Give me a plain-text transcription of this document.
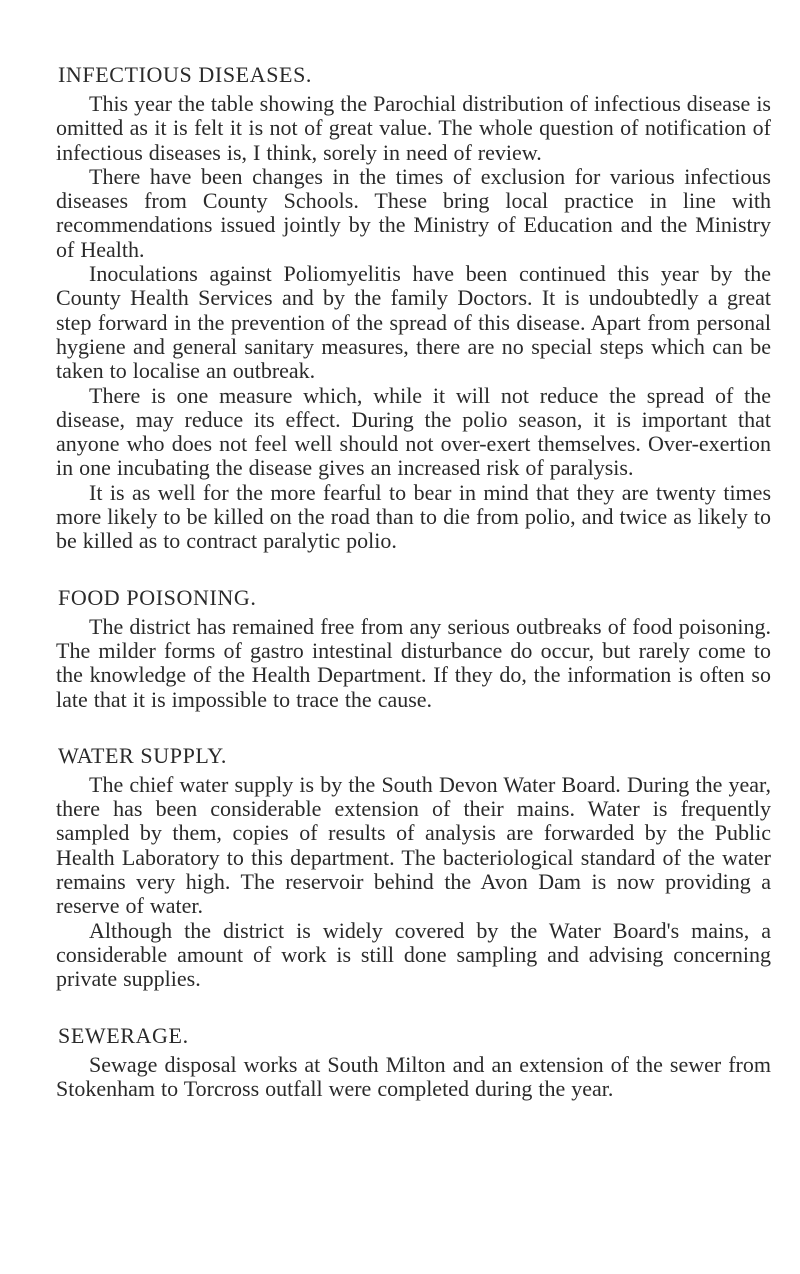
INFECTIOUS DISEASES.

This year the table showing the Parochial distribution of infectious disease is omitted as it is felt it is not of great value. The whole question of notification of infectious diseases is, I think, sorely in need of review.

There have been changes in the times of exclusion for various infectious diseases from County Schools. These bring local practice in line with recommendations issued jointly by the Ministry of Education and the Ministry of Health.

Inoculations against Poliomyelitis have been continued this year by the County Health Services and by the family Doctors. It is undoubtedly a great step forward in the prevention of the spread of this disease. Apart from personal hygiene and general sanitary measures, there are no special steps which can be taken to localise an outbreak.

There is one measure which, while it will not reduce the spread of the disease, may reduce its effect. During the polio season, it is important that anyone who does not feel well should not over-exert themselves. Over-exertion in one incubating the disease gives an increased risk of paralysis.

It is as well for the more fearful to bear in mind that they are twenty times more likely to be killed on the road than to die from polio, and twice as likely to be killed as to contract paralytic polio.

FOOD POISONING.

The district has remained free from any serious outbreaks of food poisoning. The milder forms of gastro intestinal disturbance do occur, but rarely come to the knowledge of the Health Department. If they do, the information is often so late that it is impossible to trace the cause.

WATER SUPPLY.

The chief water supply is by the South Devon Water Board. During the year, there has been considerable extension of their mains. Water is frequently sampled by them, copies of results of analysis are forwarded by the Public Health Laboratory to this department. The bacteriological standard of the water remains very high. The reservoir behind the Avon Dam is now providing a reserve of water.

Although the district is widely covered by the Water Board's mains, a considerable amount of work is still done sampling and advising concerning private supplies.

SEWERAGE.

Sewage disposal works at South Milton and an extension of the sewer from Stokenham to Torcross outfall were completed during the year.
